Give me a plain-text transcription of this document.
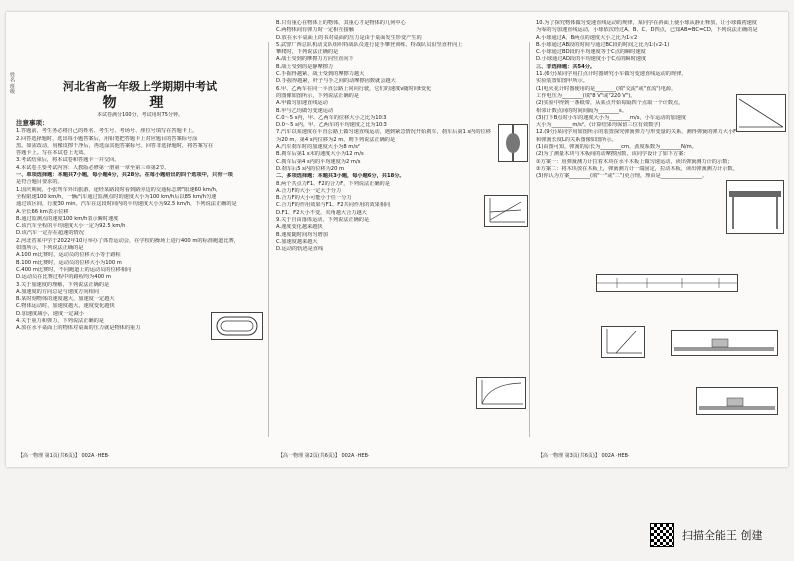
姓名 班级	河北省高一年级上学期期中考试

物 理

本试卷满分100分，考试用时75分钟。

注意事项：

1.答题前，考生务必将自己的姓名、考生号、考场号、座位号填写在答题卡上。

2.回答选择题时，选出每小题答案后，用铅笔把答题卡上对应题目的答案标号涂

黑。如需改动，用橡皮擦干净后，再选涂其他答案标号。回答非选择题时，将答案写在

答题卡上。写在本试卷上无效。

3.考试结束后，将本试卷和答题卡一并交回。

4.本试卷主要考试内容：人教版必修第一册第一章至第三章第2节。

一、单项选择题：本题共7小题，每小题4分，共28分。在每小题给出的四个选项中，只有一项

是符合题目要求的。

1.国庆期间，小张驾车外出旅游，途经某路段时看到路旁边的交通标志牌"限速60 km/h，

全程限速100 km/h，一辆汽车通过监测点时的速度大小为100 km/h后以85 km/h匀速

通过该区间，行驶30 min，汽车在这段时间内的平均速度大小为92.5 km/h，下列说法正确的是

A.全长66 km表示位移

B.通过监测点的速度100 km/h表示瞬时速度

C.该汽车全程的平均速度大小一定为92.5 km/h

D.该汽车一定存在超速的情况

2.河北省某中学于2022年10月举办了体育运动会，在学校的操场上进行400 m的标准跑道比赛，

如图所示，下列说法正确的是

A.100 m比赛时，运动员的位移大小等于路程

B.100 m比赛时，运动员的位移大小为100 m

C.400 m比赛时，不同跑道上的运动员的位移相同

D.运动员在比赛过程中的路程均为400 m

3.关于加速度的理解，下列说法正确的是

A.加速度的方向总是与速度方向相同

B.某时刻物体的速度越大，加速度一定越大

C.物体运动时，加速度越大，速度变化越快

D.加速度减小，速度一定减小

4.关于重力和弹力，下列说法正确的是

A.放在水平桌面上的物体对桌面的压力就是物体的重力

B.只有重心在物体上的物体，其重心才是物体的几何中心

C.两物体间有弹力时一定相互接触

D.放在水平桌面上的书对桌面的压力是由于桌面发生形变产生的

5.武警广西总队机动支队组织特战队员进行徒手攀登训练，特战队员沿竖直杆向上

攀爬时，下列说法正确的是

A.战士受到的摩擦力方向竖直向下

B.战士受到的是静摩擦力

C.手握得越紧，战士受到的摩擦力越大

D.手握得越紧，杆子与手之间的动摩擦因数就会越大

6.甲、乙两车在同一平直公路上同向行驶，它们的速度v随时间t变化

的图像如图所示，下列说法正确的是

A.甲做匀加速直线运动

B.甲与乙均做匀变速运动

C.0～5 s内，甲、乙两车的位移大小之比为10∶3

D.0～5 s内，甲、乙两车的平均速度之比为10∶3

7.汽车以某速度在平直公路上做匀速直线运动，遇到紧急情况开始刹车，刹车后第1 s内的位移

为20 m，第4 s内位移为2 m，则下列说法正确的是

A.汽车刹车时的加速度大小为8 m/s²

B.刹车后第1 s末的速度大小为12 m/s

C.刹车后第4 s内的平均速度为2 m/s

D.刹车后5 s内的位移为20 m

二、多项选择题：本题共3小题，每小题6分，共18分。

8.两个共点力F1、F2的合力F，下列说法正确的是

A.合力F的大小一定大于分力

B.合力F的大小可能小于任一分力

C.合力F的作用效果与F1、F2共同作用的效果相同

D.F1、F2大小不变，夹角越大合力越大

9.关于自由落体运动，下列说法正确的是

A.速度变化越来越快

B.速度随时间均匀增加

C.加速度越来越大

D.运动的轨迹是直线

10.为了探究物体做匀变速直线运动的规律，某同学在斜面上使小球从静止释放，让小球做初速度

为零的匀加速直线运动，小球依次经过A、B、C、D四点，已知AB=BC=CD，下列说法正确的是

A.小球通过A、B两点的速度大小之比为1∶√2

B.小球通过AB段的时间与通过BC段的时间之比为1∶(√2-1)

C.小球通过BD段的平均速度等于C点的瞬时速度

D.小球通过AD段的平均速度小于C点的瞬时速度

三、非选择题：共54分。

11.(6分)某同学用打点计时器研究小车做匀变速直线运动的规律，

实验装置如图甲所示。

(1)电火花计时器使用的是________(填"交流"或"直流")电源，

工作电压为________(填"8 V"或"220 V")。

(2)实验中得到一条纸带，从某点开始每隔四个点取一个计数点，

相邻计数点间的时间间隔为________s。

(3)打下B点时小车的速度大小为________m/s，小车运动的加速度

大小为________m/s²。(计算结果均保留三位有效数字)

12.(9分)某同学用如图所示的装置探究弹簧弹力与形变量的关系，测得弹簧的弹力大小F

和弹簧长度L的关系图像如图所示。

(1)由图可知，弹簧的原长为________cm，劲度系数为________N/m。

(2)为了测量木块与木板间的动摩擦因数，该同学设计了如下方案：

①方案一：用弹簧测力计拉着木块在水平木板上做匀速运动，读出弹簧测力计的示数；

②方案二：将木块放在木板上，弹簧测力计一端固定，拉动木板，读出弹簧测力计示数。

(3)你认为方案________(填"一"或"二")更合理，理由是________________。

【高一物理 第1页(共6页)】 002A ·HEB·	【高一物理 第2页(共6页)】 002A ·HEB·	【高一物理 第3页(共6页)】 002A ·HEB·
扫描全能王 创建
